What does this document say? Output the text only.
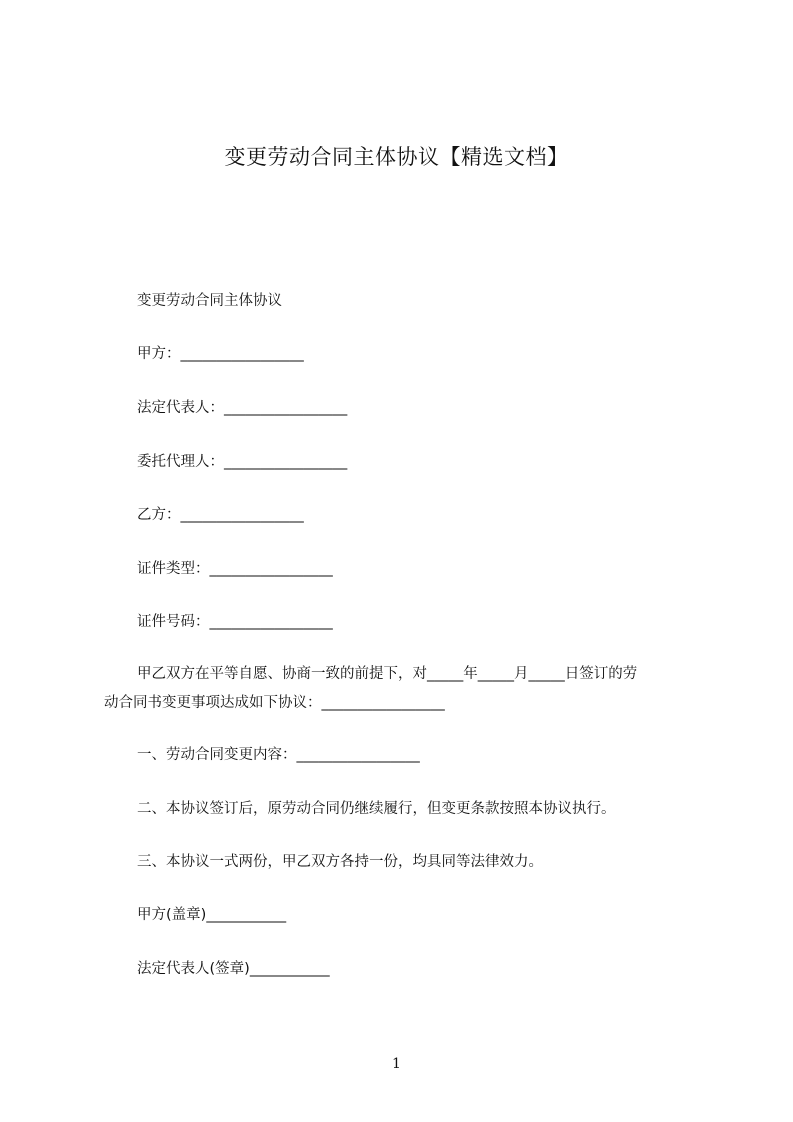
变更劳动合同主体协议【精选文档】
变更劳动合同主体协议
甲方：_________________
法定代表人：_________________
委托代理人：_________________
乙方：_________________
证件类型：_________________
证件号码：_________________
甲乙双方在平等自愿、协商一致的前提下，对_____年_____月_____日签订的劳
动合同书变更事项达成如下协议：_________________
一、劳动合同变更内容：_________________
二、本协议签订后，原劳动合同仍继续履行，但变更条款按照本协议执行。
三、本协议一式两份，甲乙双方各持一份，均具同等法律效力。
甲方(盖章)___________
法定代表人(签章)___________
1
